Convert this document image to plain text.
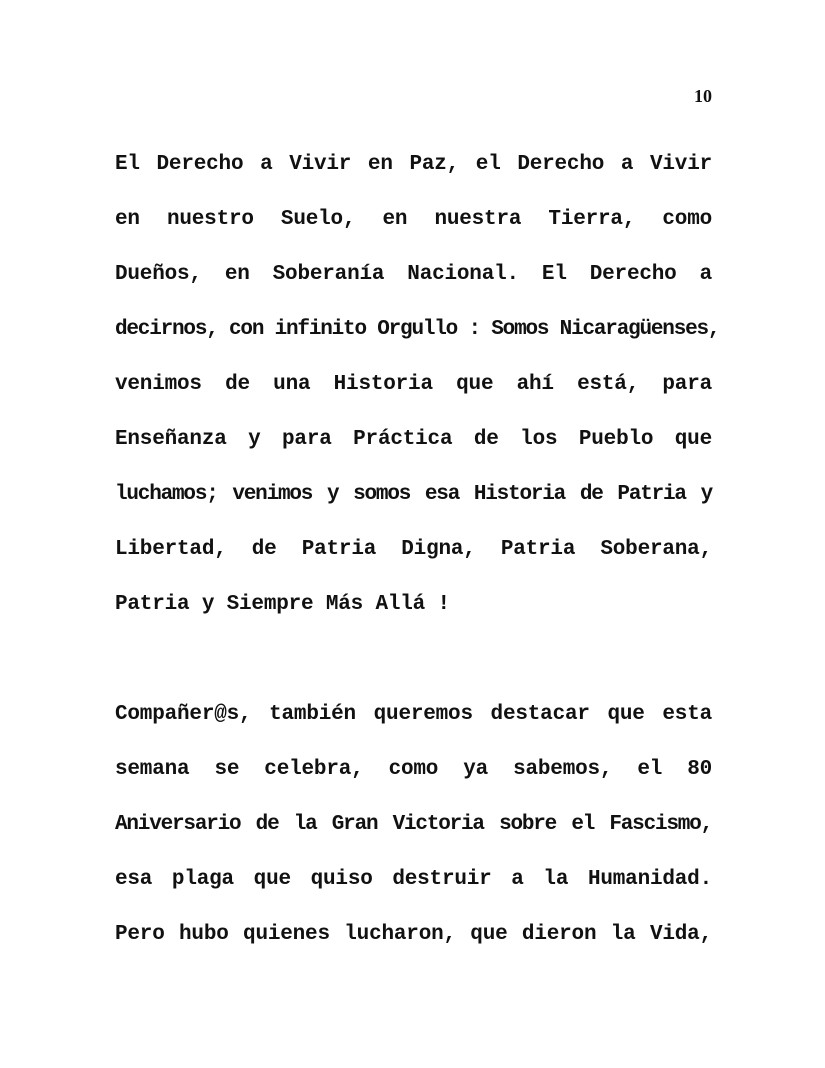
10
El Derecho a Vivir en Paz, el Derecho a Vivir
en nuestro Suelo, en nuestra Tierra, como
Dueños, en Soberanía Nacional. El Derecho a
decirnos, con infinito Orgullo : Somos Nicaragüenses,
venimos de una Historia que ahí está, para
Enseñanza y para Práctica de los Pueblo que
luchamos; venimos y somos esa Historia de Patria y
Libertad, de Patria Digna, Patria Soberana,
Patria y Siempre Más Allá !
Compañer@s, también queremos destacar que esta
semana se celebra, como ya sabemos, el 80
Aniversario de la Gran Victoria sobre el Fascismo,
esa plaga que quiso destruir a la Humanidad.
Pero hubo quienes lucharon, que dieron la Vida,
